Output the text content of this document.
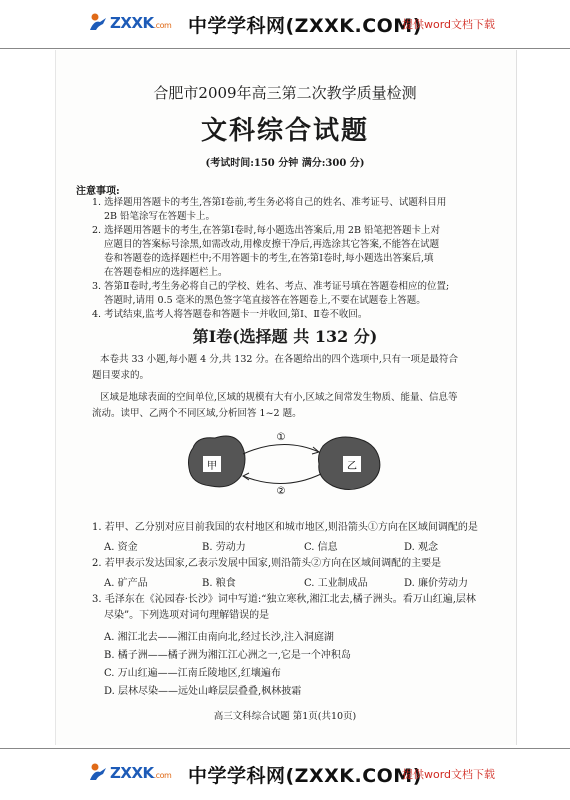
ZXXK.com 中学学科网(ZXXK.COM)
提供word文档下载
合肥市2009年高三第二次教学质量检测
文科综合试题
(考试时间:150 分钟 满分:300 分)
注意事项:
1. 选择题用答题卡的考生,答第Ⅰ卷前,考生务必将自己的姓名、准考证号、试题科目用
2B 铅笔涂写在答题卡上。
2. 选择题用答题卡的考生,在答第Ⅰ卷时,每小题选出答案后,用 2B 铅笔把答题卡上对
应题目的答案标号涂黑,如需改动,用橡皮擦干净后,再选涂其它答案,不能答在试题
卷和答题卷的选择题栏中;不用答题卡的考生,在答第Ⅰ卷时,每小题选出答案后,填
在答题卷相应的选择题栏上。
3. 答第Ⅱ卷时,考生务必将自己的学校、姓名、考点、准考证号填在答题卷相应的位置;
答题时,请用 0.5 毫米的黑色签字笔直接答在答题卷上,不要在试题卷上答题。
4. 考试结束,监考人将答题卷和答题卡一并收回,第Ⅰ、Ⅱ卷不收回。
第Ⅰ卷(选择题 共 132 分)
本卷共 33 小题,每小题 4 分,共 132 分。在各题给出的四个选项中,只有一项是最符合
题目要求的。
区域是地球表面的空间单位,区域的规模有大有小,区域之间常发生物质、能量、信息等
流动。读甲、乙两个不同区域,分析回答 1~2 题。
甲	乙
①
②
1. 若甲、乙分别对应目前我国的农村地区和城市地区,则沿箭头①方向在区域间调配的是
A. 资金	B. 劳动力	C. 信息	D. 观念
2. 若甲表示发达国家,乙表示发展中国家,则沿箭头②方向在区域间调配的主要是
A. 矿产品	B. 粮食	C. 工业制成品	D. 廉价劳动力
3. 毛泽东在《沁园春·长沙》词中写道:“独立寒秋,湘江北去,橘子洲头。看万山红遍,层林
尽染”。下列选项对词句理解错误的是
A. 湘江北去——湘江由南向北,经过长沙,注入洞庭湖
B. 橘子洲——橘子洲为湘江江心洲之一,它是一个冲积岛
C. 万山红遍——江南丘陵地区,红壤遍布
D. 层林尽染——远处山峰层层叠叠,枫林披霜
高三文科综合试题 第1页(共10页)
ZXXK.com 中学学科网(ZXXK.COM)
提供word文档下载
